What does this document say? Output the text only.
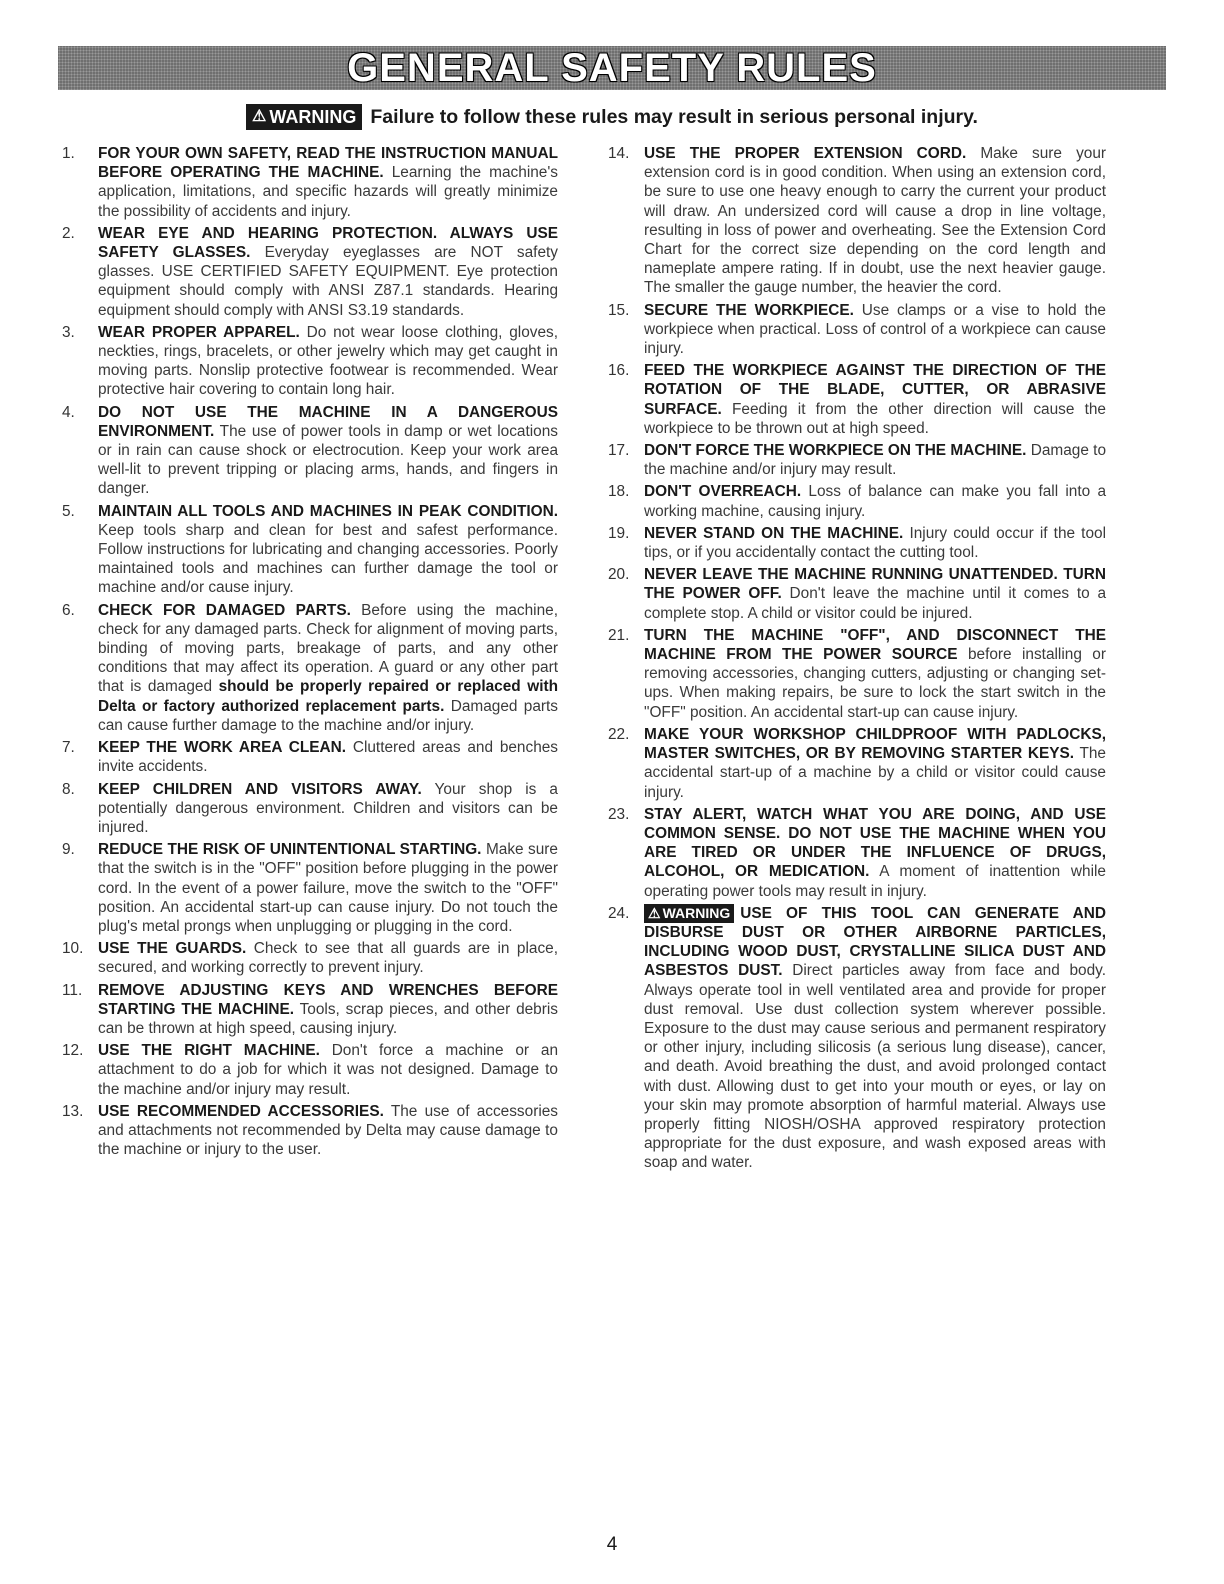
GENERAL SAFETY RULES
⚠ WARNING Failure to follow these rules may result in serious personal injury.
1.	FOR YOUR OWN SAFETY, READ THE INSTRUCTION MANUAL BEFORE OPERATING THE MACHINE. Learning the machine's application, limitations, and specific hazards will greatly minimize the possibility of accidents and injury.
2.	WEAR EYE AND HEARING PROTECTION. ALWAYS USE SAFETY GLASSES. Everyday eyeglasses are NOT safety glasses. USE CERTIFIED SAFETY EQUIPMENT. Eye protection equipment should comply with ANSI Z87.1 standards. Hearing equipment should comply with ANSI S3.19 standards.
3.	WEAR PROPER APPAREL. Do not wear loose clothing, gloves, neckties, rings, bracelets, or other jewelry which may get caught in moving parts. Nonslip protective footwear is recommended. Wear protective hair covering to contain long hair.
4.	DO NOT USE THE MACHINE IN A DANGEROUS ENVIRONMENT. The use of power tools in damp or wet locations or in rain can cause shock or electrocution. Keep your work area well-lit to prevent tripping or placing arms, hands, and fingers in danger.
5.	MAINTAIN ALL TOOLS AND MACHINES IN PEAK CONDITION. Keep tools sharp and clean for best and safest performance. Follow instructions for lubricating and changing accessories. Poorly maintained tools and machines can further damage the tool or machine and/or cause injury.
6.	CHECK FOR DAMAGED PARTS. Before using the machine, check for any damaged parts. Check for alignment of moving parts, binding of moving parts, breakage of parts, and any other conditions that may affect its operation. A guard or any other part that is damaged should be properly repaired or replaced with Delta or factory authorized replacement parts. Damaged parts can cause further damage to the machine and/or injury.
7.	KEEP THE WORK AREA CLEAN. Cluttered areas and benches invite accidents.
8.	KEEP CHILDREN AND VISITORS AWAY. Your shop is a potentially dangerous environment. Children and visitors can be injured.
9.	REDUCE THE RISK OF UNINTENTIONAL STARTING. Make sure that the switch is in the "OFF" position before plugging in the power cord. In the event of a power failure, move the switch to the "OFF" position. An accidental start-up can cause injury. Do not touch the plug's metal prongs when unplugging or plugging in the cord.
10. USE THE GUARDS. Check to see that all guards are in place, secured, and working correctly to prevent injury.
11.	REMOVE ADJUSTING KEYS AND WRENCHES BEFORE STARTING THE MACHINE. Tools, scrap pieces, and other debris can be thrown at high speed, causing injury.
12. USE THE RIGHT MACHINE. Don't force a machine or an attachment to do a job for which it was not designed. Damage to the machine and/or injury may result.
13. USE RECOMMENDED ACCESSORIES. The use of accessories and attachments not recommended by Delta may cause damage to the machine or injury to the user.
14. USE THE PROPER EXTENSION CORD. Make sure your extension cord is in good condition. When using an extension cord, be sure to use one heavy enough to carry the current your product will draw. An undersized cord will cause a drop in line voltage, resulting in loss of power and overheating. See the Extension Cord Chart for the correct size depending on the cord length and nameplate ampere rating. If in doubt, use the next heavier gauge. The smaller the gauge number, the heavier the cord.
15. SECURE THE WORKPIECE. Use clamps or a vise to hold the workpiece when practical. Loss of control of a workpiece can cause injury.
16. FEED THE WORKPIECE AGAINST THE DIRECTION OF THE ROTATION OF THE BLADE, CUTTER, OR ABRASIVE SURFACE. Feeding it from the other direction will cause the workpiece to be thrown out at high speed.
17. DON'T FORCE THE WORKPIECE ON THE MACHINE. Damage to the machine and/or injury may result.
18. DON'T OVERREACH. Loss of balance can make you fall into a working machine, causing injury.
19. NEVER STAND ON THE MACHINE. Injury could occur if the tool tips, or if you accidentally contact the cutting tool.
20. NEVER LEAVE THE MACHINE RUNNING UNATTENDED. TURN THE POWER OFF. Don't leave the machine until it comes to a complete stop. A child or visitor could be injured.
21. TURN THE MACHINE "OFF", AND DISCONNECT THE MACHINE FROM THE POWER SOURCE before installing or removing accessories, changing cutters, adjusting or changing set-ups. When making repairs, be sure to lock the start switch in the "OFF" position. An accidental start-up can cause injury.
22. MAKE YOUR WORKSHOP CHILDPROOF WITH PADLOCKS, MASTER SWITCHES, OR BY REMOVING STARTER KEYS. The accidental start-up of a machine by a child or visitor could cause injury.
23. STAY ALERT, WATCH WHAT YOU ARE DOING, AND USE COMMON SENSE. DO NOT USE THE MACHINE WHEN YOU ARE TIRED OR UNDER THE INFLUENCE OF DRUGS, ALCOHOL, OR MEDICATION. A moment of inattention while operating power tools may result in injury.
24.	⚠ WARNING USE OF THIS TOOL CAN GENERATE AND DISBURSE DUST OR OTHER AIRBORNE PARTICLES, INCLUDING WOOD DUST, CRYSTALLINE SILICA DUST AND ASBESTOS DUST. Direct particles away from face and body. Always operate tool in well ventilated area and provide for proper dust removal. Use dust collection system wherever possible. Exposure to the dust may cause serious and permanent respiratory or other injury, including silicosis (a serious lung disease), cancer, and death. Avoid breathing the dust, and avoid prolonged contact with dust. Allowing dust to get into your mouth or eyes, or lay on your skin may promote absorption of harmful material. Always use properly fitting NIOSH/OSHA approved respiratory protection appropriate for the dust exposure, and wash exposed areas with soap and water.
4
